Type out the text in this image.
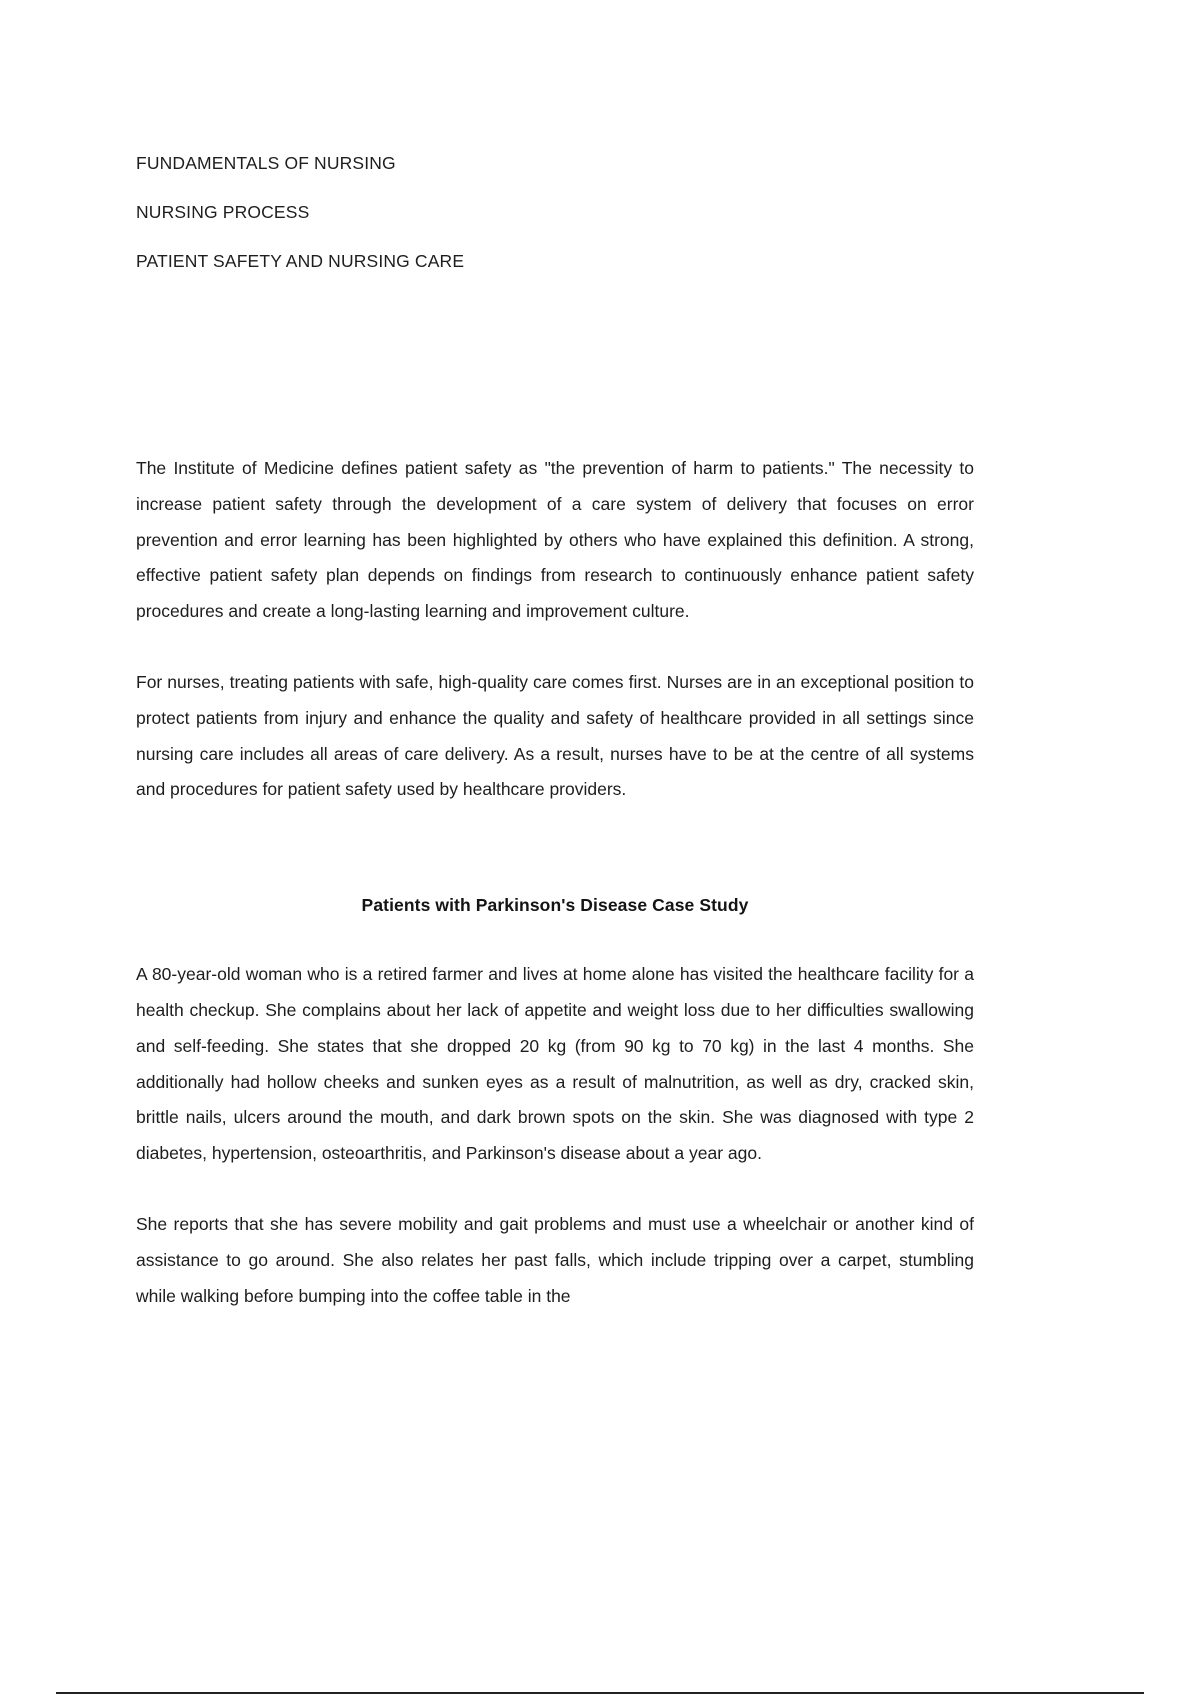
FUNDAMENTALS OF NURSING
NURSING PROCESS
PATIENT SAFETY AND NURSING CARE

The Institute of Medicine defines patient safety as "the prevention of harm to patients." The necessity to increase patient safety through the development of a care system of delivery that focuses on error prevention and error learning has been highlighted by others who have explained this definition. A strong, effective patient safety plan depends on findings from research to continuously enhance patient safety procedures and create a long-lasting learning and improvement culture.

For nurses, treating patients with safe, high-quality care comes first. Nurses are in an exceptional position to protect patients from injury and enhance the quality and safety of healthcare provided in all settings since nursing care includes all areas of care delivery. As a result, nurses have to be at the centre of all systems and procedures for patient safety used by healthcare providers.

Patients with Parkinson's Disease Case Study

A 80-year-old woman who is a retired farmer and lives at home alone has visited the healthcare facility for a health checkup. She complains about her lack of appetite and weight loss due to her difficulties swallowing and self-feeding. She states that she dropped 20 kg (from 90 kg to 70 kg) in the last 4 months. She additionally had hollow cheeks and sunken eyes as a result of malnutrition, as well as dry, cracked skin, brittle nails, ulcers around the mouth, and dark brown spots on the skin. She was diagnosed with type 2 diabetes, hypertension, osteoarthritis, and Parkinson's disease about a year ago.

She reports that she has severe mobility and gait problems and must use a wheelchair or another kind of assistance to go around. She also relates her past falls, which include tripping over a carpet, stumbling while walking before bumping into the coffee table in the
